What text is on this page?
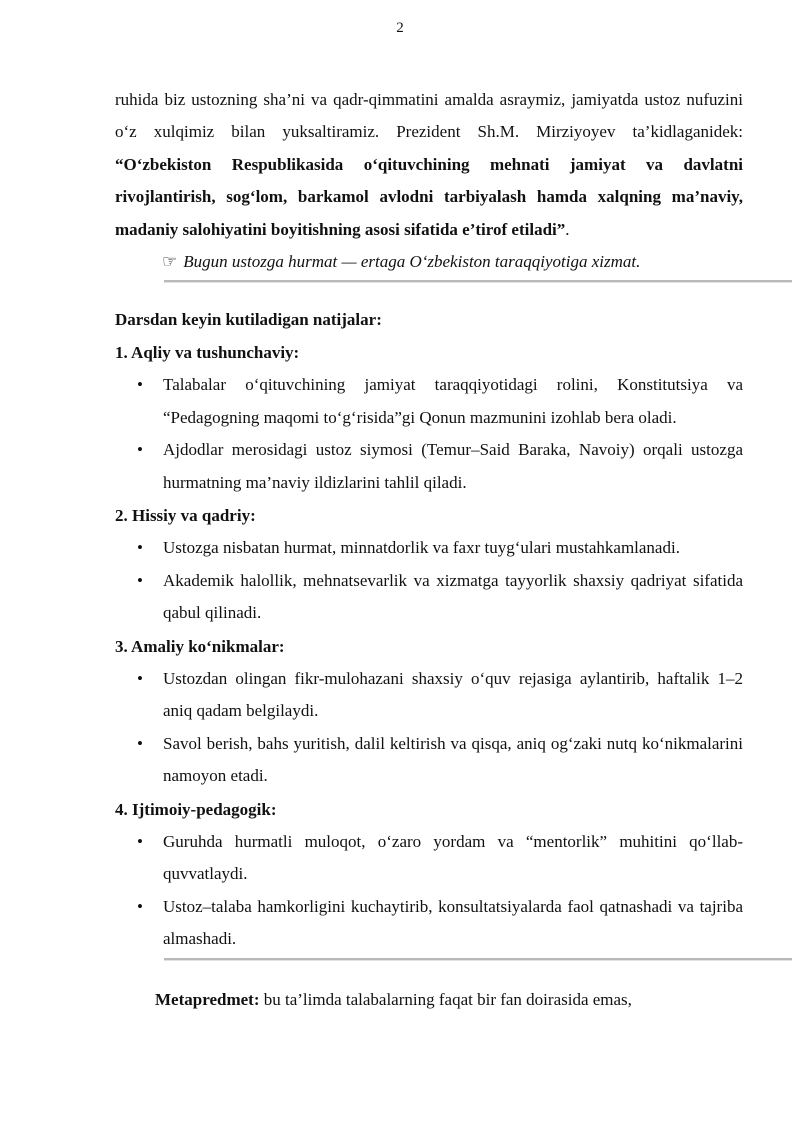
2

ruhida biz ustozning sha’ni va qadr-qimmatini amalda asraymiz, jamiyatda ustoz nufuzini o‘z xulqimiz bilan yuksaltiramiz. Prezident Sh.M. Mirziyoyev ta’kidlaganidek: “O‘zbekiston Respublikasida o‘qituvchining mehnati jamiyat va davlatni rivojlantirish, sog‘lom, barkamol avlodni tarbiyalash hamda xalqning ma’naviy, madaniy salohiyatini boyitishning asosi sifatida e’tirof etiladi”.

☞ Bugun ustozga hurmat — ertaga O‘zbekiston taraqqiyotiga xizmat.

Darsdan keyin kutiladigan natijalar:

1. Aqliy va tushunchaviy:

• Talabalar o‘qituvchining jamiyat taraqqiyotidagi rolini, Konstitutsiya va “Pedagogning maqomi to‘g‘risida”gi Qonun mazmunini izohlab bera oladi.
• Ajdodlar merosidagi ustoz siymosi (Temur–Said Baraka, Navoiy) orqali ustozga hurmatning ma’naviy ildizlarini tahlil qiladi.

2. Hissiy va qadriy:

• Ustozga nisbatan hurmat, minnatdorlik va faxr tuyg‘ulari mustahkamlanadi.
• Akademik halollik, mehnatsevarlik va xizmatga tayyorlik shaxsiy qadriyat sifatida qabul qilinadi.

3. Amaliy ko‘nikmalar:

• Ustozdan olingan fikr-mulohazani shaxsiy o‘quv rejasiga aylantirib, haftalik 1–2 aniq qadam belgilaydi.
• Savol berish, bahs yuritish, dalil keltirish va qisqa, aniq og‘zaki nutq ko‘nikmalarini namoyon etadi.

4. Ijtimoiy-pedagogik:

• Guruhda hurmatli muloqot, o‘zaro yordam va “mentorlik” muhitini qo‘llab-quvvatlaydi.
• Ustoz–talaba hamkorligini kuchaytirib, konsultatsiyalarda faol qatnashadi va tajriba almashadi.

Metapredmet: bu ta’limda talabalarning faqat bir fan doirasida emas,
